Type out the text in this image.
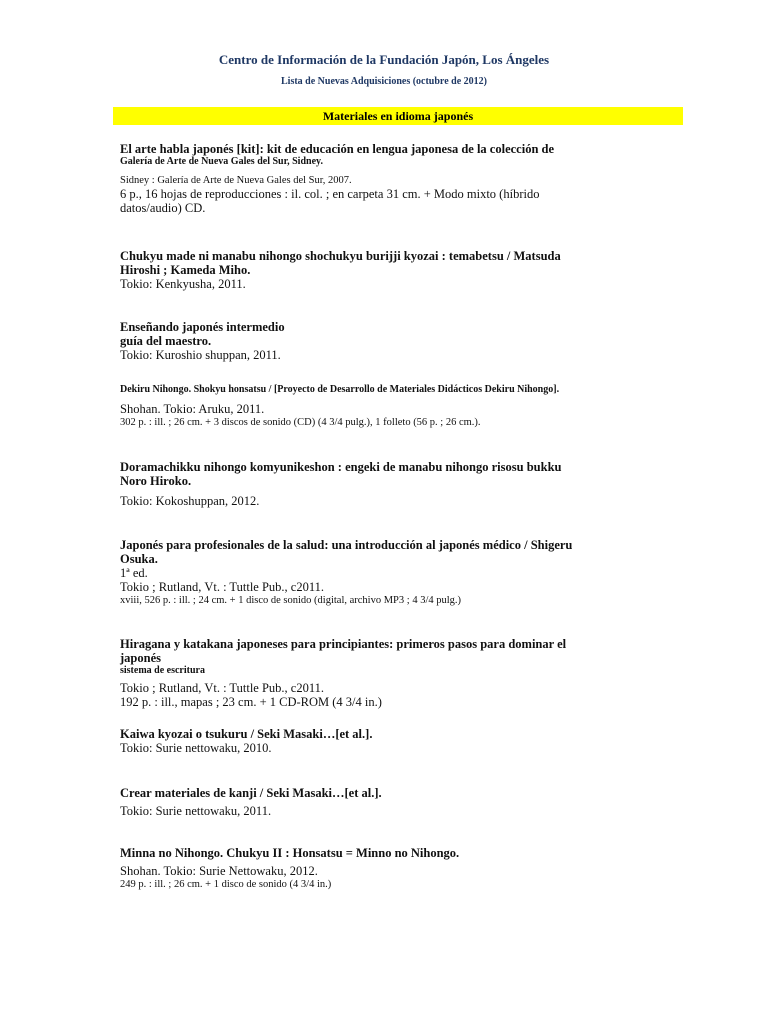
Centro de Información de la Fundación Japón, Los Ángeles
Lista de Nuevas Adquisiciones (octubre de 2012)
Materiales en idioma japonés
El arte habla japonés [kit]: kit de educación en lengua japonesa de la colección de
Galería de Arte de Nueva Gales del Sur, Sidney.
Sidney : Galería de Arte de Nueva Gales del Sur, 2007.
6 p., 16 hojas de reproducciones : il. col. ; en carpeta 31 cm. + Modo mixto (híbrido
datos/audio) CD.
Chukyu made ni manabu nihongo shochukyu burijji kyozai : temabetsu / Matsuda
Hiroshi ; Kameda Miho.
Tokio: Kenkyusha, 2011.
Enseñando japonés intermedio
guía del maestro.
Tokio: Kuroshio shuppan, 2011.
Dekiru Nihongo. Shokyu honsatsu / [Proyecto de Desarrollo de Materiales Didácticos Dekiru Nihongo].
Shohan. Tokio: Aruku, 2011.
302 p. : ill. ; 26 cm. + 3 discos de sonido (CD) (4 3/4 pulg.), 1 folleto (56 p. ; 26 cm.).
Doramachikku nihongo komyunikeshon : engeki de manabu nihongo risosu bukku
Noro Hiroko.
Tokio: Kokoshuppan, 2012.
Japonés para profesionales de la salud: una introducción al japonés médico / Shigeru
Osuka.
1ª ed.
Tokio ; Rutland, Vt. : Tuttle Pub., c2011.
xviii, 526 p. : ill. ; 24 cm. + 1 disco de sonido (digital, archivo MP3 ; 4 3/4 pulg.)
Hiragana y katakana japoneses para principiantes: primeros pasos para dominar el japonés
sistema de escritura
Tokio ; Rutland, Vt. : Tuttle Pub., c2011.
192 p. : ill., mapas ; 23 cm. + 1 CD-ROM (4 3/4 in.)
Kaiwa kyozai o tsukuru / Seki Masaki…[et al.].
Tokio: Surie nettowaku, 2010.
Crear materiales de kanji / Seki Masaki…[et al.].
Tokio: Surie nettowaku, 2011.
Minna no Nihongo. Chukyu II : Honsatsu = Minno no Nihongo.
Shohan. Tokio: Surie Nettowaku, 2012.
249 p. : ill. ; 26 cm. + 1 disco de sonido (4 3/4 in.)
